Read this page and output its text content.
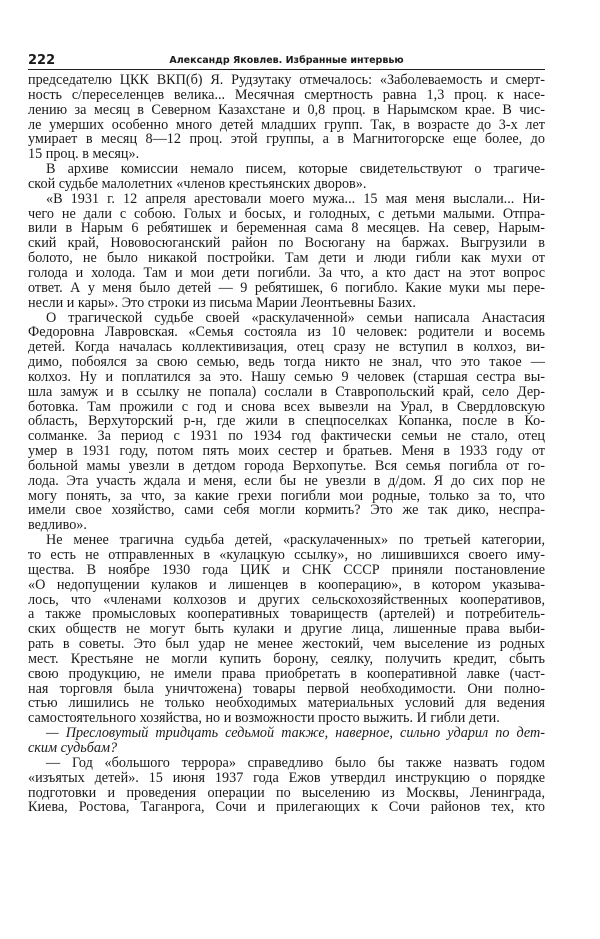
222	Александр Яковлев. Избранные интервью
председателю ЦКК ВКП(б) Я. Рудзутаку отмечалось: «Заболеваемость и смерт-
ность с/переселенцев велика... Месячная смертность равна 1,3 проц. к насе-
лению за месяц в Северном Казахстане и 0,8 проц. в Нарымском крае. В чис-
ле умерших особенно много детей младших групп. Так, в возрасте до 3-х лет
умирает в месяц 8—12 проц. этой группы, а в Магнитогорске еще более, до
15 проц. в месяц».
В архиве комиссии немало писем, которые свидетельствуют о трагиче-
ской судьбе малолетних «членов крестьянских дворов».
«В 1931 г. 12 апреля арестовали моего мужа... 15 мая меня выслали... Ни-
чего не дали с собою. Голых и босых, и голодных, с детьми малыми. Отпра-
вили в Нарым 6 ребятишек и беременная сама 8 месяцев. На север, Нарым-
ский край, Нововосюганский район по Восюгану на баржах. Выгрузили в
болото, не было никакой постройки. Там дети и люди гибли как мухи от
голода и холода. Там и мои дети погибли. За что, а кто даст на этот вопрос
ответ. А у меня было детей — 9 ребятишек, 6 погибло. Какие муки мы пере-
несли и кары». Это строки из письма Марии Леонтьевны Базих.
О трагической судьбе своей «раскулаченной» семьи написала Анастасия
Федоровна Лавровская. «Семья состояла из 10 человек: родители и восемь
детей. Когда началась коллективизация, отец сразу не вступил в колхоз, ви-
димо, побоялся за свою семью, ведь тогда никто не знал, что это такое —
колхоз. Ну и поплатился за это. Нашу семью 9 человек (старшая сестра вы-
шла замуж и в ссылку не попала) сослали в Ставропольский край, село Дер-
ботовка. Там прожили с год и снова всех вывезли на Урал, в Свердловскую
область, Верхуторский р-н, где жили в спецпоселках Копанка, после в Ко-
солманке. За период с 1931 по 1934 год фактически семьи не стало, отец
умер в 1931 году, потом пять моих сестер и братьев. Меня в 1933 году от
больной мамы увезли в детдом города Верхопутье. Вся семья погибла от го-
лода. Эта участь ждала и меня, если бы не увезли в д/дом. Я до сих пор не
могу понять, за что, за какие грехи погибли мои родные, только за то, что
имели свое хозяйство, сами себя могли кормить? Это же так дико, неспра-
ведливо».
Не менее трагична судьба детей, «раскулаченных» по третьей категории,
то есть не отправленных в «кулацкую ссылку», но лишившихся своего иму-
щества. В ноябре 1930 года ЦИК и СНК СССР приняли постановление
«О недопущении кулаков и лишенцев в кооперацию», в котором указыва-
лось, что «членами колхозов и других сельскохозяйственных кооперативов,
а также промысловых кооперативных товариществ (артелей) и потребитель-
ских обществ не могут быть кулаки и другие лица, лишенные права выби-
рать в советы. Это был удар не менее жестокий, чем выселение из родных
мест. Крестьяне не могли купить борону, сеялку, получить кредит, сбыть
свою продукцию, не имели права приобретать в кооперативной лавке (част-
ная торговля была уничтожена) товары первой необходимости. Они полно-
стью лишились не только необходимых материальных условий для ведения
самостоятельного хозяйства, но и возможности просто выжить. И гибли дети.
— Пресловутый тридцать седьмой также, наверное, сильно ударил по дет-
ским судьбам?
— Год «большого террора» справедливо было бы также назвать годом
«изъятых детей». 15 июня 1937 года Ежов утвердил инструкцию о порядке
подготовки и проведения операции по выселению из Москвы, Ленинграда,
Киева, Ростова, Таганрога, Сочи и прилегающих к Сочи районов тех, кто
